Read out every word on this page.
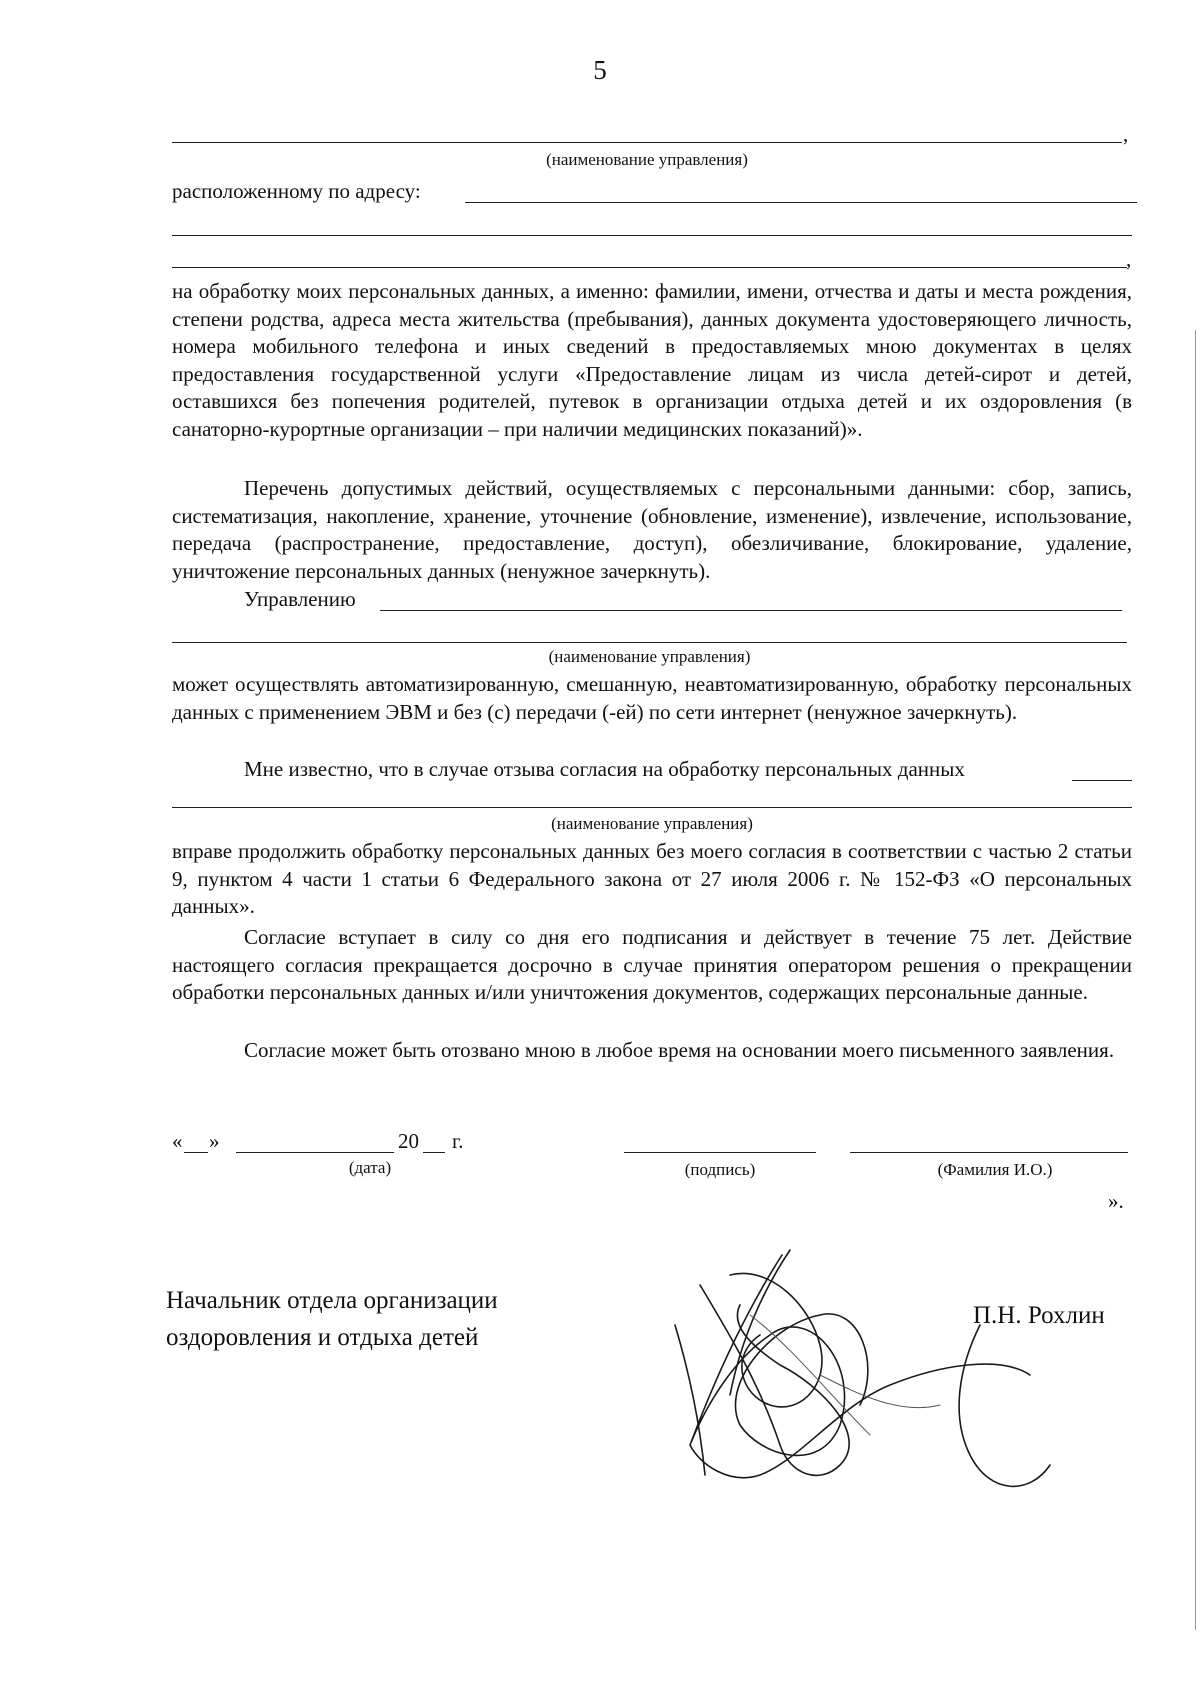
5
,
(наименование управления)
расположенному по адресу:
,
на обработку моих персональных данных, а именно: фамилии, имени, отчества и даты и места рождения, степени родства, адреса места жительства (пребывания), данных документа удостоверяющего личность, номера мобильного телефона и иных сведений в предоставляемых мною документах в целях предоставления государственной услуги «Предоставление лицам из числа детей-сирот и детей, оставшихся без попечения родителей, путевок в организации отдыха детей и их оздоровления (в санаторно-курортные организации – при наличии медицинских показаний)».
Перечень допустимых действий, осуществляемых с персональными данными: сбор, запись, систематизация, накопление, хранение, уточнение (обновление, изменение), извлечение, использование, передача (распространение, предоставление, доступ), обезличивание, блокирование, удаление, уничтожение персональных данных (ненужное зачеркнуть).
Управлению
(наименование управления)
может осуществлять автоматизированную, смешанную, неавтоматизированную, обработку персональных данных с применением ЭВМ и без (с) передачи (-ей) по сети интернет (ненужное зачеркнуть).
Мне известно, что в случае отзыва согласия на обработку персональных данных
(наименование управления)
вправе продолжить обработку персональных данных без моего согласия в соответствии с частью 2 статьи 9, пунктом 4 части 1 статьи 6 Федерального закона от 27 июля 2006 г. № 152-ФЗ «О персональных данных».
Согласие вступает в силу со дня его подписания и действует в течение 75 лет. Действие настоящего согласия прекращается досрочно в случае принятия оператором решения о прекращении обработки персональных данных и/или уничтожения документов, содержащих персональные данные.
Согласие может быть отозвано мною в любое время на основании моего письменного заявления.
« »	20 г.
(дата)	(подпись)	(Фамилия И.О.)
».
Начальник отдела организации
оздоровления и отдыха детей
П.Н. Рохлин
